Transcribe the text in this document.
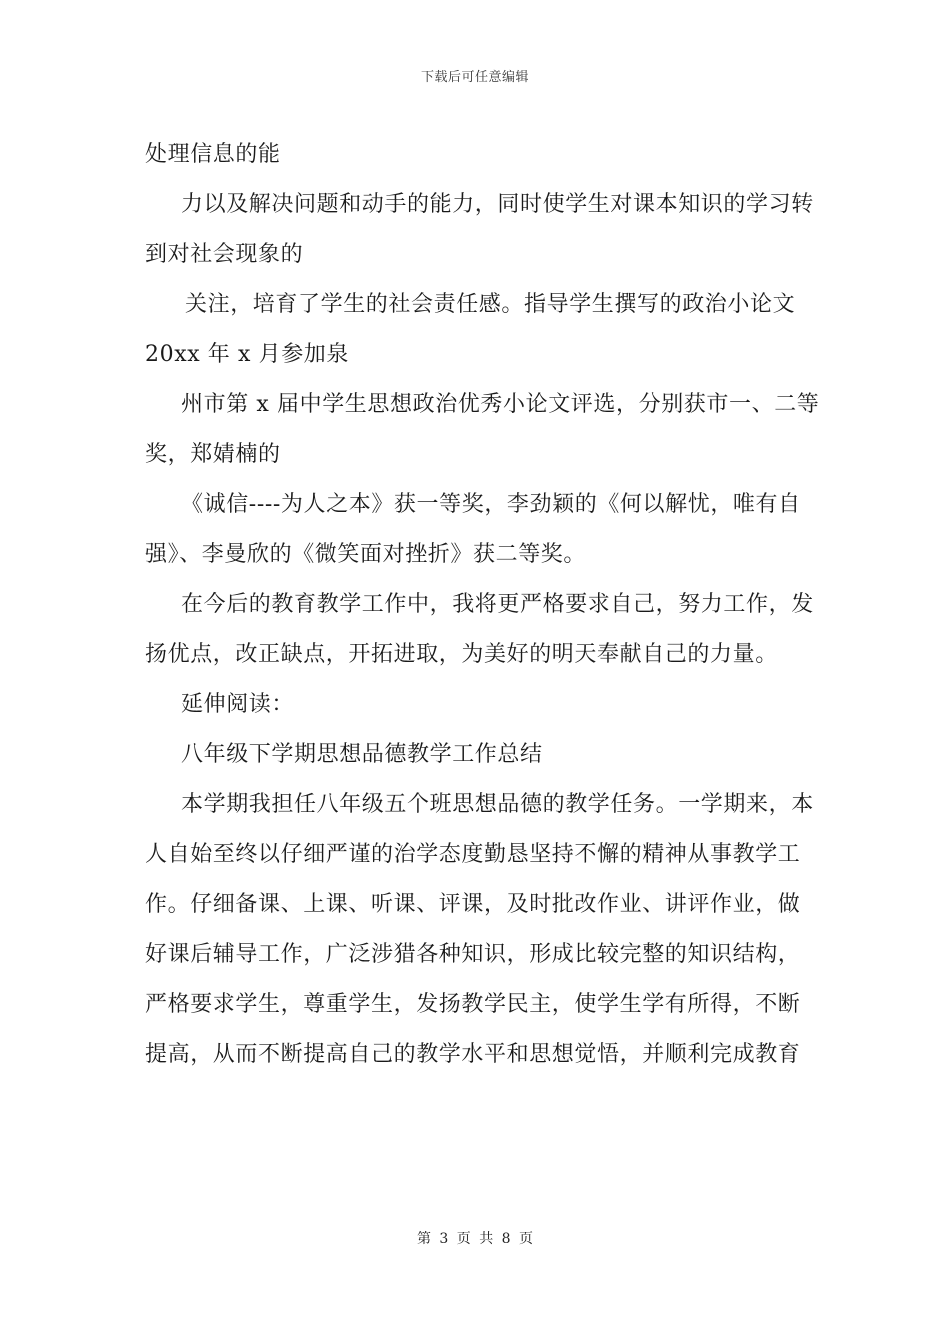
下载后可任意编辑
处理信息的能
力以及解决问题和动手的能力，同时使学生对课本知识的学习转
到对社会现象的
关注，培育了学生的社会责任感。指导学生撰写的政治小论文
20xx 年 x 月参加泉
州市第 x 届中学生思想政治优秀小论文评选，分别获市一、二等
奖，郑婧楠的
《诚信----为人之本》获一等奖，李劲颖的《何以解忧，唯有自
强》、李曼欣的《微笑面对挫折》获二等奖。
在今后的教育教学工作中，我将更严格要求自己，努力工作，发
扬优点，改正缺点，开拓进取，为美好的明天奉献自己的力量。
延伸阅读：
八年级下学期思想品德教学工作总结
本学期我担任八年级五个班思想品德的教学任务。一学期来，本
人自始至终以仔细严谨的治学态度勤恳坚持不懈的精神从事教学工
作。仔细备课、上课、听课、评课，及时批改作业、讲评作业，做
好课后辅导工作，广泛涉猎各种知识，形成比较完整的知识结构，
严格要求学生，尊重学生，发扬教学民主，使学生学有所得，不断
提高，从而不断提高自己的教学水平和思想觉悟，并顺利完成教育
第 3 页 共 8 页
